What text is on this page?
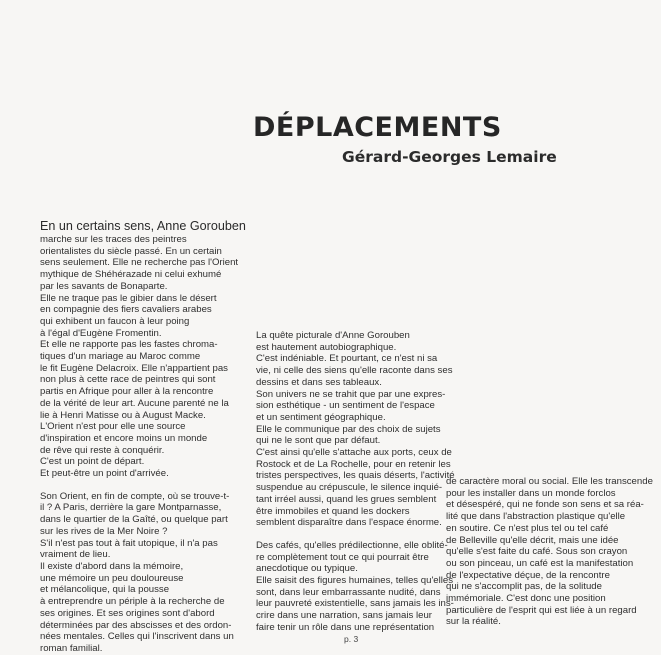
DÉPLACEMENTS
Gérard-Georges Lemaire

En un certains sens, Anne Gorouben

marche sur les traces des peintres
orientalistes du siècle passé. En un certain
sens seulement. Elle ne recherche pas l'Orient
mythique de Shéhérazade ni celui exhumé
par les savants de Bonaparte.
Elle ne traque pas le gibier dans le désert
en compagnie des fiers cavaliers arabes
qui exhibent un faucon à leur poing
à l'égal d'Eugène Fromentin.
Et elle ne rapporte pas les fastes chroma-
tiques d'un mariage au Maroc comme
le fit Eugène Delacroix. Elle n'appartient pas
non plus à cette race de peintres qui sont
partis en Afrique pour aller à la rencontre
de la vérité de leur art. Aucune parenté ne la
lie à Henri Matisse ou à August Macke.
L'Orient n'est pour elle une source
d'inspiration et encore moins un monde
de rêve qui reste à conquérir.
C'est un point de départ.
Et peut-être un point d'arrivée.

Son Orient, en fin de compte, où se trouve-t-
il ? A Paris, derrière la gare Montparnasse,
dans le quartier de la Gaîté, ou quelque part
sur les rives de la Mer Noire ?
S'il n'est pas tout à fait utopique, il n'a pas
vraiment de lieu.
Il existe d'abord dans la mémoire,
une mémoire un peu douloureuse
et mélancolique, qui la pousse
à entreprendre un périple à la recherche de
ses origines. Et ses origines sont d'abord
déterminées par des abscisses et des ordon-
nées mentales. Celles qui l'inscrivent dans un
roman familial.

La quête picturale d'Anne Gorouben
est hautement autobiographique.
C'est indéniable. Et pourtant, ce n'est ni sa
vie, ni celle des siens qu'elle raconte dans ses
dessins et dans ses tableaux.
Son univers ne se trahit que par une expres-
sion esthétique - un sentiment de l'espace
et un sentiment géographique.
Elle le communique par des choix de sujets
qui ne le sont que par défaut.
C'est ainsi qu'elle s'attache aux ports, ceux de
Rostock et de La Rochelle, pour en retenir les
tristes perspectives, les quais déserts, l'activité
suspendue au crépuscule, le silence inquié-
tant irréel aussi, quand les grues semblent
être immobiles et quand les dockers
semblent disparaître dans l'espace énorme.

Des cafés, qu'elles prédilectionne, elle oblité-
re complètement tout ce qui pourrait être
anecdotique ou typique.
Elle saisit des figures humaines, telles qu'elles
sont, dans leur embarrassante nudité, dans
leur pauvreté existentielle, sans jamais les ins-
crire dans une narration, sans jamais leur
faire tenir un rôle dans une représentation

de caractère moral ou social. Elle les transcende
pour les installer dans un monde forclos
et désespéré, qui ne fonde son sens et sa réa-
lité que dans l'abstraction plastique qu'elle
en soutire. Ce n'est plus tel ou tel café
de Belleville qu'elle décrit, mais une idée
qu'elle s'est faite du café. Sous son crayon
ou son pinceau, un café est la manifestation
de l'expectative déçue, de la rencontre
qui ne s'accomplit pas, de la solitude
immémoriale. C'est donc une position
particulière de l'esprit qui est liée à un regard
sur la réalité.

p. 3
